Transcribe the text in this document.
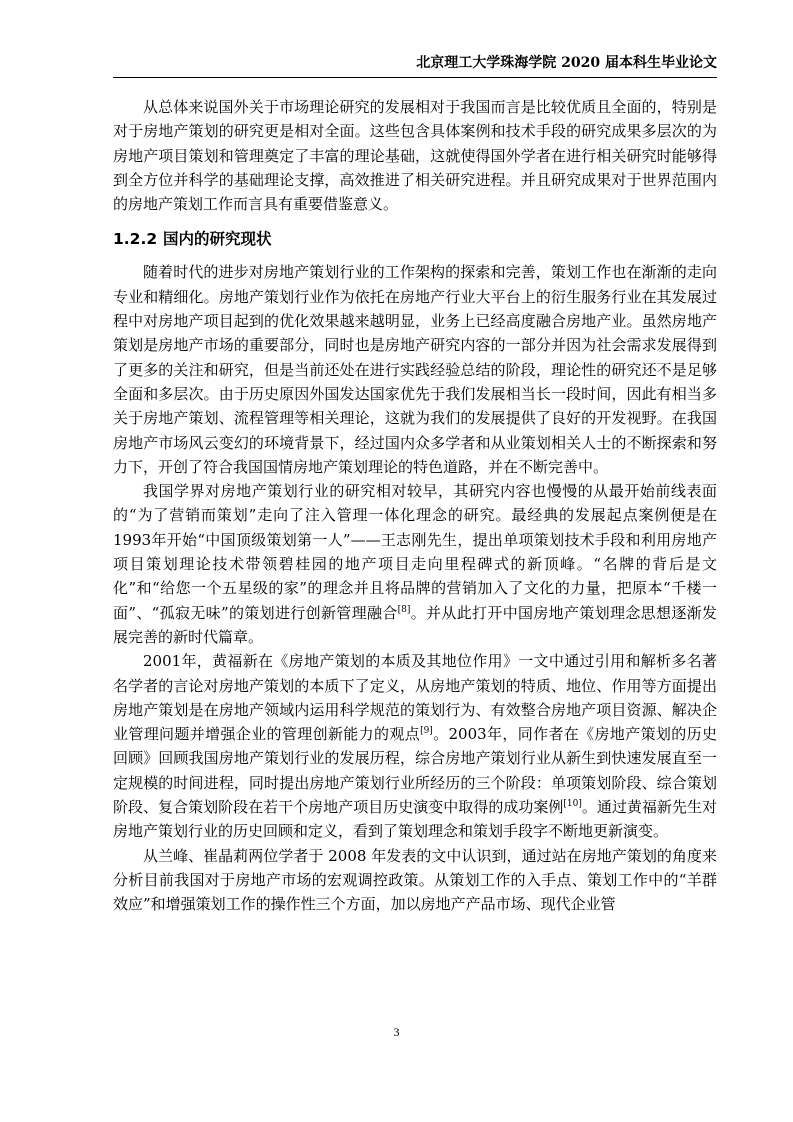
北京理工大学珠海学院 2020 届本科生毕业论文

从总体来说国外关于市场理论研究的发展相对于我国而言是比较优质且全面的，特别是对于房地产策划的研究更是相对全面。这些包含具体案例和技术手段的研究成果多层次的为房地产项目策划和管理奠定了丰富的理论基础，这就使得国外学者在进行相关研究时能够得到全方位并科学的基础理论支撑，高效推进了相关研究进程。并且研究成果对于世界范围内的房地产策划工作而言具有重要借鉴意义。

1.2.2 国内的研究现状

随着时代的进步对房地产策划行业的工作架构的探索和完善，策划工作也在渐渐的走向专业和精细化。房地产策划行业作为依托在房地产行业大平台上的衍生服务行业在其发展过程中对房地产项目起到的优化效果越来越明显，业务上已经高度融合房地产业。虽然房地产策划是房地产市场的重要部分，同时也是房地产研究内容的一部分并因为社会需求发展得到了更多的关注和研究，但是当前还处在进行实践经验总结的阶段，理论性的研究还不是足够全面和多层次。由于历史原因外国发达国家优先于我们发展相当长一段时间，因此有相当多关于房地产策划、流程管理等相关理论，这就为我们的发展提供了良好的开发视野。在我国房地产市场风云变幻的环境背景下，经过国内众多学者和从业策划相关人士的不断探索和努力下，开创了符合我国国情房地产策划理论的特色道路，并在不断完善中。

我国学界对房地产策划行业的研究相对较早，其研究内容也慢慢的从最开始前线表面的“为了营销而策划”走向了注入管理一体化理念的研究。最经典的发展起点案例便是在1993年开始“中国顶级策划第一人”——王志刚先生，提出单项策划技术手段和利用房地产项目策划理论技术带领碧桂园的地产项目走向里程碑式的新顶峰。“名牌的背后是文化”和“给您一个五星级的家”的理念并且将品牌的营销加入了文化的力量，把原本“千楼一面”、“孤寂无味”的策划进行创新管理融合[8]。并从此打开中国房地产策划理念思想逐渐发展完善的新时代篇章。

2001年，黄福新在《房地产策划的本质及其地位作用》一文中通过引用和解析多名著名学者的言论对房地产策划的本质下了定义，从房地产策划的特质、地位、作用等方面提出房地产策划是在房地产领域内运用科学规范的策划行为、有效整合房地产项目资源、解决企业管理问题并增强企业的管理创新能力的观点[9]。2003年，同作者在《房地产策划的历史回顾》回顾我国房地产策划行业的发展历程，综合房地产策划行业从新生到快速发展直至一定规模的时间进程，同时提出房地产策划行业所经历的三个阶段：单项策划阶段、综合策划阶段、复合策划阶段在若干个房地产项目历史演变中取得的成功案例[10]。通过黄福新先生对房地产策划行业的历史回顾和定义，看到了策划理念和策划手段字不断地更新演变。

从兰峰、崔晶莉两位学者于 2008 年发表的文中认识到，通过站在房地产策划的角度来分析目前我国对于房地产市场的宏观调控政策。从策划工作的入手点、策划工作中的“羊群效应”和增强策划工作的操作性三个方面，加以房地产产品市场、现代企业管

3
